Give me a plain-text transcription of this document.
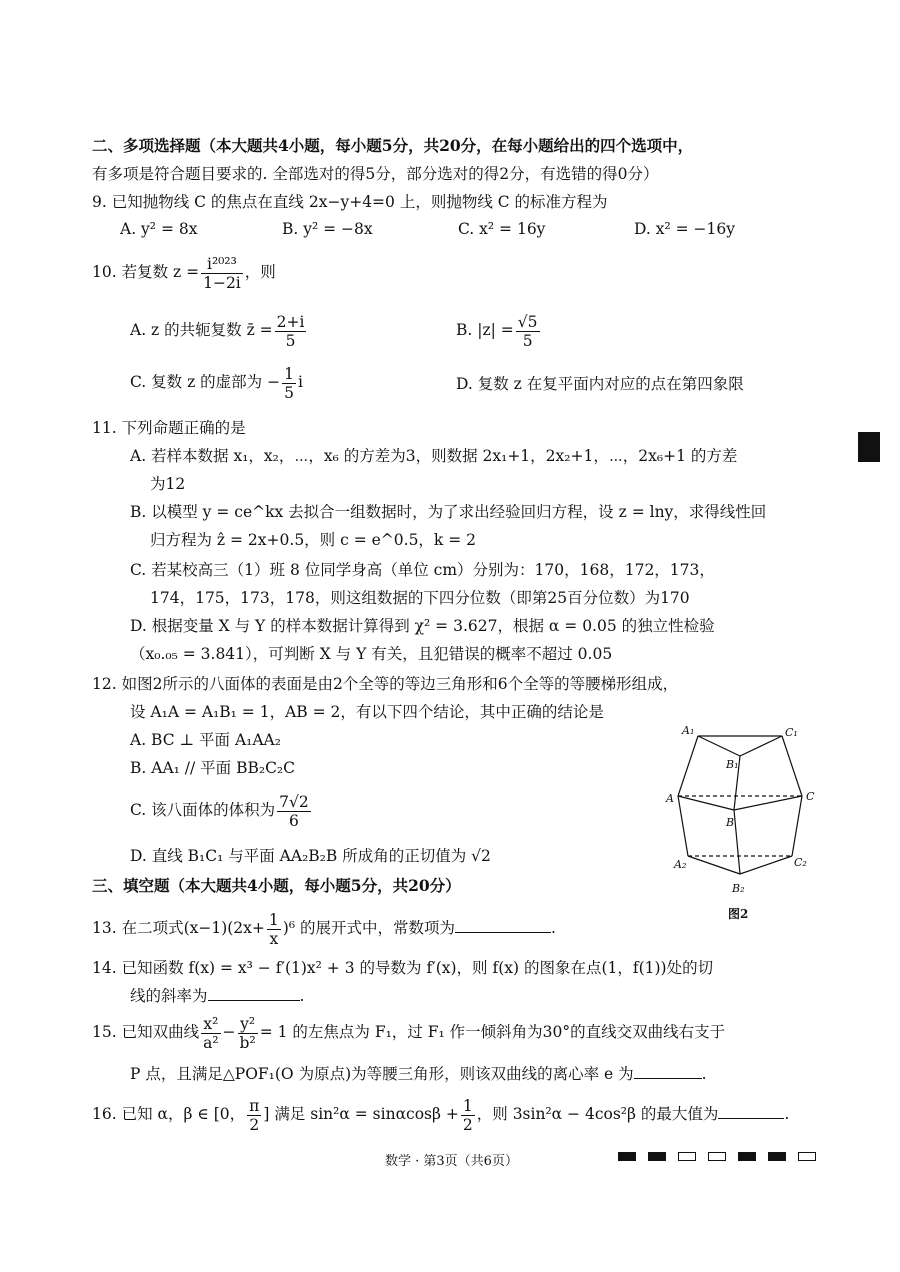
二、多项选择题（本大题共4小题，每小题5分，共20分，在每小题给出的四个选项中，
有多项是符合题目要求的. 全部选对的得5分，部分选对的得2分，有选错的得0分）
9. 已知抛物线 C 的焦点在直线 2x−y+4=0 上，则抛物线 C 的标准方程为
A. y² = 8x	B. y² = −8x	C. x² = 16y	D. x² = −16y
10. 若复数 $z = \frac{\text{i²⁰²³}}{1-2i}$ ，则
A. z 的共轭复数 z̄ = $\frac{2+i}{5}$	B. $|z| = \frac{√5}{5}$
C. 复数 z 的虚部为 − $\frac{1}{5}$ i	D. 复数 z 在复平面内对应的点在第四象限
11. 下列命题正确的是
A. 若样本数据 x₁，x₂，⋯，x₆ 的方差为3，则数据 2x₁+1，2x₂+1，⋯，2x₆+1 的方差
为12
B. 以模型 y = ce^kx 去拟合一组数据时，为了求出经验回归方程，设 z = lny，求得线性回
归方程为 ẑ = 2x+0.5，则 c = e^0.5，k = 2
C. 若某校高三（1）班 8 位同学身高（单位 cm）分别为：170，168，172，173，
174，175，173，178，则这组数据的下四分位数（即第25百分位数）为170
D. 根据变量 X 与 Y 的样本数据计算得到 χ² = 3.627，根据 α = 0.05 的独立性检验
（x₀.₀₅ = 3.841），可判断 X 与 Y 有关，且犯错误的概率不超过 0.05
12. 如图2所示的八面体的表面是由2个全等的等边三角形和6个全等的等腰梯形组成，
设 A₁A = A₁B₁ = 1，AB = 2，有以下四个结论，其中正确的结论是
A. BC ⊥ 平面 A₁AA₂
B. AA₁ // 平面 BB₂C₂C
C. 该八面体的体积为 $\frac{7√2}{6}$
D. 直线 B₁C₁ 与平面 AA₂B₂B 所成角的正切值为 √2
A₁	C₁
B₁
A	C
B
A₂	C₂
B₂
图2
三、填空题（本大题共4小题，每小题5分，共20分）
13. 在二项式$(x-1)(2x+ \frac{1}{x} )^6$ 的展开式中，常数项为	.
14. 已知函数 f(x) = x³ − f′(1)x² + 3 的导数为 f′(x)，则 f(x) 的图象在点(1，f(1))处的切
线的斜率为	.
15. 已知双曲线 $\frac{\text{x²}}{\text{a²}} - \frac{\text{y²}}{\text{b²}} = 1$ 的左焦点为 F₁，过 F₁ 作一倾斜角为30°的直线交双曲线右支于
P 点，且满足△POF₁(O 为原点)为等腰三角形，则该双曲线的离心率 e 为	.
16. 已知 α，β ∈ [0， $\frac{\pi}{2}$ ] 满足 $\sin^2\alpha = \sin\alpha\cos\beta + \frac{1}{2}$ ，则 3sin²α − 4cos²β 的最大值为	.
数学 · 第3页（共6页）
